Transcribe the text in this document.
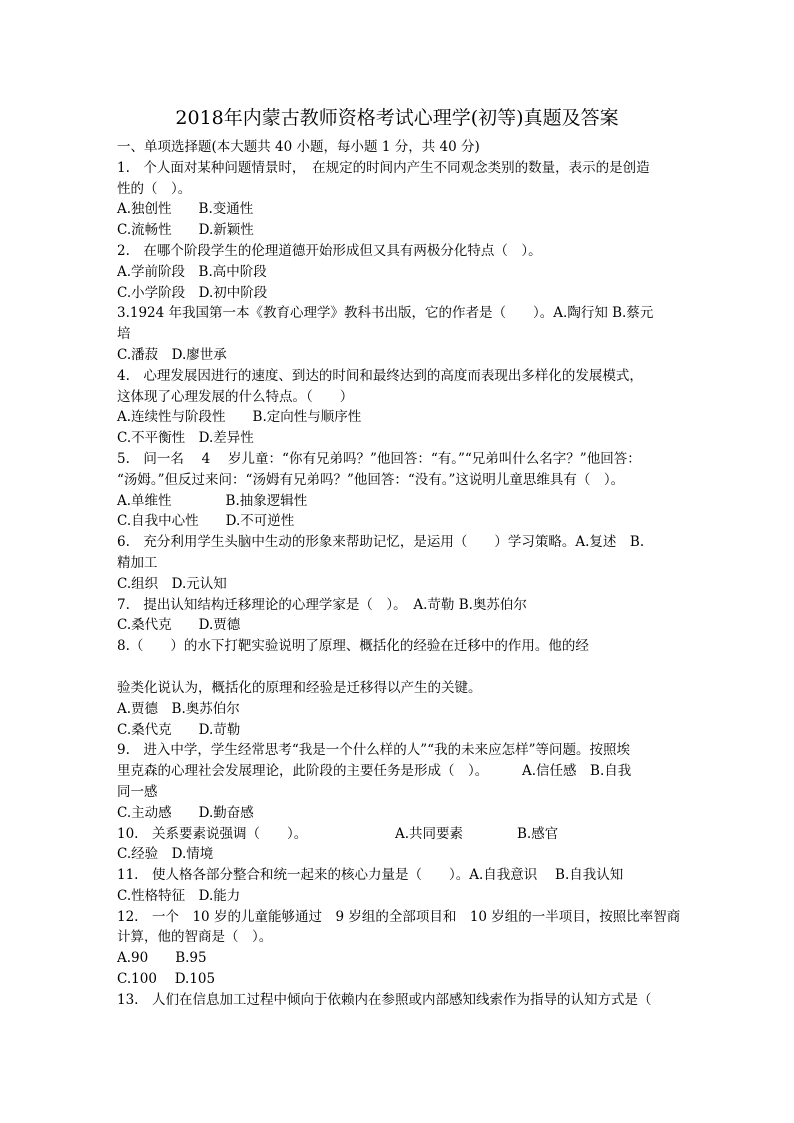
2018年内蒙古教师资格考试心理学(初等)真题及答案
一、单项选择题(本大题共 40 小题，每小题 1 分，共 40 分)
1.　个人面对某种问题情景时，　在规定的时间内产生不同观念类别的数量，表示的是创造
性的（　）。
A.独创性　　B.变通性
C.流畅性　　D.新颖性
2.　在哪个阶段学生的伦理道德开始形成但又具有两极分化特点（　）。
A.学前阶段　B.高中阶段
C.小学阶段　D.初中阶段
3.1924 年我国第一本《教育心理学》教科书出版，它的作者是（　　）。A.陶行知 B.蔡元
培
C.潘菽　D.廖世承
4.　心理发展因进行的速度、到达的时间和最终达到的高度而表现出多样化的发展模式，
这体现了心理发展的什么特点。（　　）
A.连续性与阶段性　　B.定向性与顺序性
C.不平衡性　D.差异性
5.　问一名　 4　 岁儿童：“你有兄弟吗？”他回答：“有。”“兄弟叫什么名字？”他回答：
“汤姆。”但反过来问：“汤姆有兄弟吗？”他回答：“没有。”这说明儿童思维具有（　）。
A.单维性　　　　B.抽象逻辑性
C.自我中心性　　D.不可逆性
6.　充分利用学生头脑中生动的形象来帮助记忆，是运用（　　）学习策略。A.复述　B.
精加工
C.组织　D.元认知
7.　提出认知结构迁移理论的心理学家是（　）。　A.苛勒 B.奥苏伯尔
C.桑代克　　D.贾德
8.（　　）的水下打靶实验说明了原理、概括化的经验在迁移中的作用。他的经
验类化说认为，概括化的原理和经验是迁移得以产生的关键。
A.贾德　B.奥苏伯尔
C.桑代克　　D.苛勒
9.　进入中学，学生经常思考“我是一个什么样的人”“我的未来应怎样”等问题。按照埃
里克森的心理社会发展理论，此阶段的主要任务是形成（　）。　　　A.信任感　B.自我
同一感
C.主动感　　D.勤奋感
10.　关系要素说强调（　　）。　　　　　　　A.共同要素　　　　B.感官
C.经验　D.情境
11.　使人格各部分整合和统一起来的核心力量是（　　）。A.自我意识　 B.自我认知
C.性格特征　D.能力
12.　一个　10 岁的儿童能够通过　9 岁组的全部项目和　10 岁组的一半项目，按照比率智商
计算，他的智商是（　）。
A.90　　B.95
C.100　 D.105
13.　人们在信息加工过程中倾向于依赖内在参照或内部感知线索作为指导的认知方式是（
